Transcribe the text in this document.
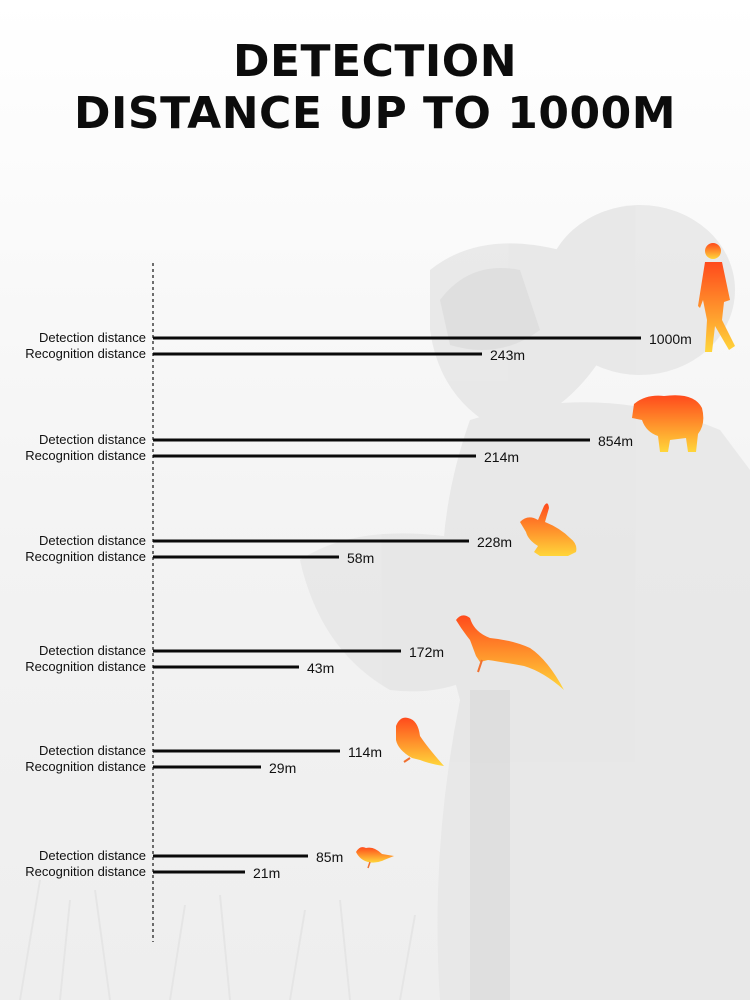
DETECTION
DISTANCE UP TO 1000M
Detection distance
Recognition distance
1000m
243m
Detection distance
Recognition distance
854m
214m
Detection distance
Recognition distance
228m
58m
Detection distance
Recognition distance
172m
43m
Detection distance
Recognition distance
114m
29m
Detection distance
Recognition distance
85m
21m
